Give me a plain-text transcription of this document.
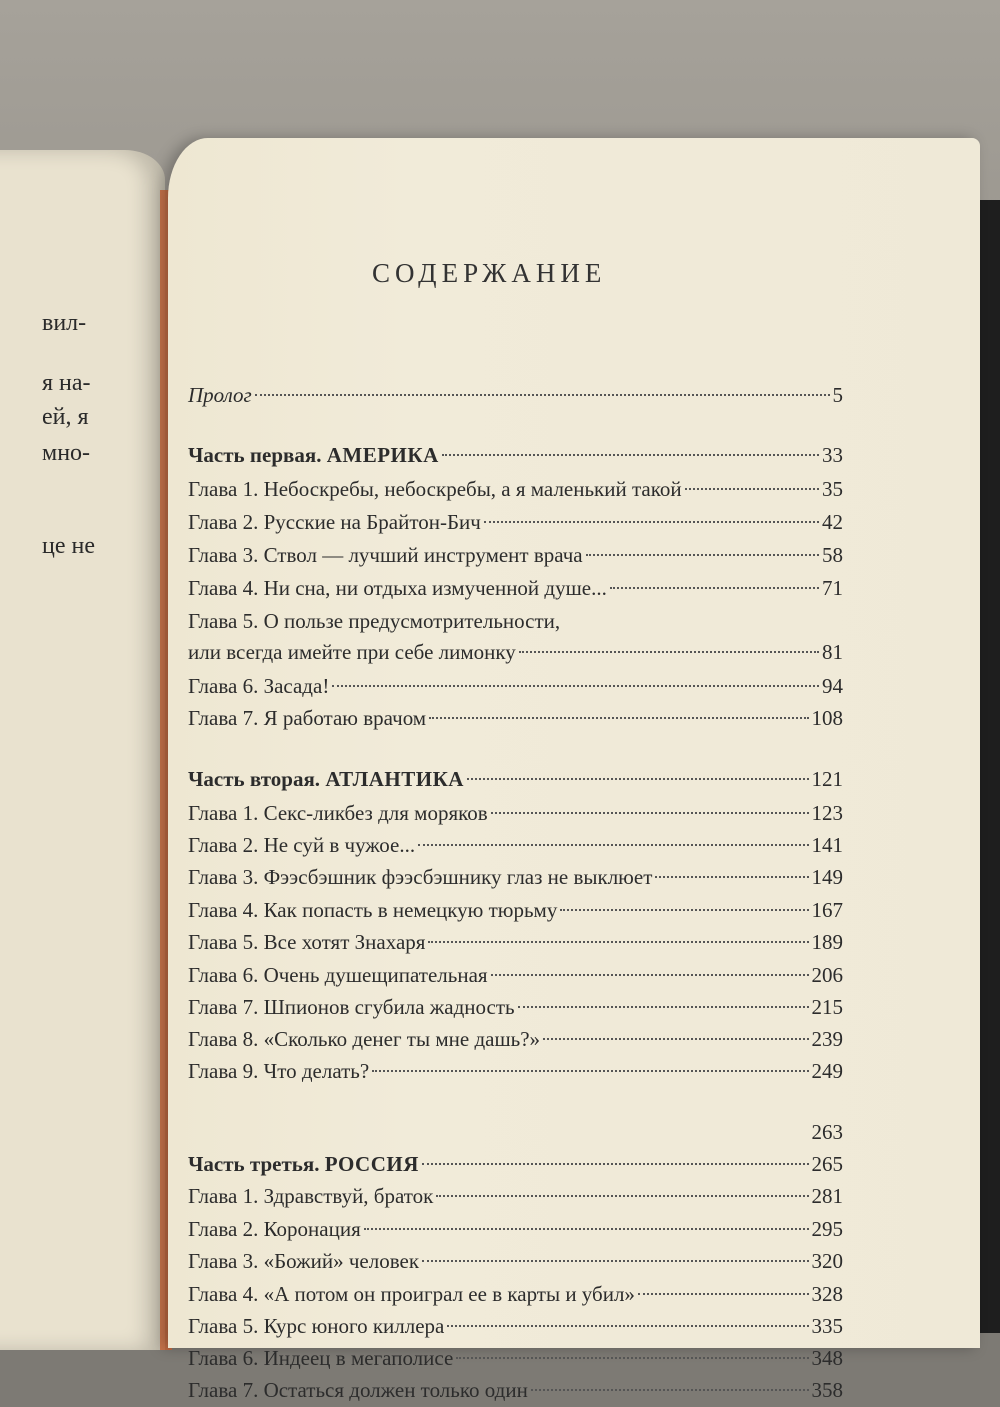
СОДЕРЖАНИЕ
Пролог	5
Часть первая. АМЕРИКА	33
Глава 1. Небоскребы, небоскребы, а я маленький такой	35
Глава 2. Русские на Брайтон-Бич	42
Глава 3. Ствол — лучший инструмент врача	58
Глава 4. Ни сна, ни отдыха измученной душе...	71
Глава 5. О пользе предусмотрительности,
или всегда имейте при себе лимонку	81
Глава 6. Засада!	94
Глава 7. Я работаю врачом	108
Часть вторая. АТЛАНТИКА	121
Глава 1. Секс-ликбез для моряков	123
Глава 2. Не суй в чужое...	141
Глава 3. Фээсбэшник фээсбэшнику глаз не выклюет	149
Глава 4. Как попасть в немецкую тюрьму	167
Глава 5. Все хотят Знахаря	189
Глава 6. Очень душещипательная	206
Глава 7. Шпионов сгубила жадность	215
Глава 8. «Сколько денег ты мне дашь?»	239
Глава 9. Что делать?	249
263
Часть третья. РОССИЯ	265
Глава 1. Здравствуй, браток	281
Глава 2. Коронация	295
Глава 3. «Божий» человек	320
Глава 4. «А потом он проиграл ее в карты и убил»	328
Глава 5. Курс юного киллера	335
Глава 6. Индеец в мегаполисе	348
Глава 7. Остаться должен только один	358
вил-
я на-
ей, я
мно-
це не
